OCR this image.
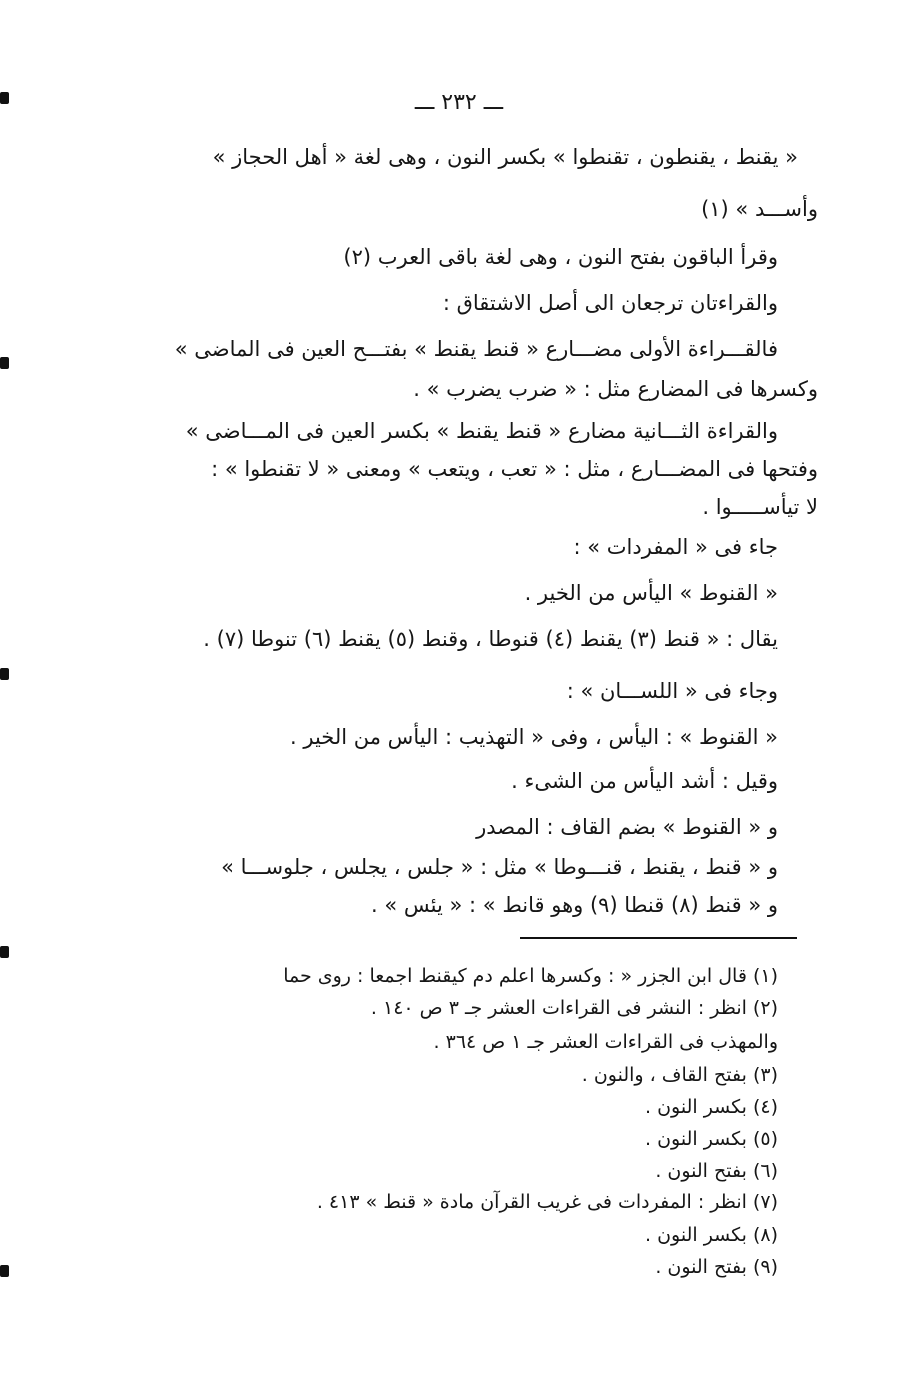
ـــ ٢٣٢ ـــ
« يقنط ، يقنطون ، تقنطوا » بكسر النون ، وهى لغة « أهل الحجاز »
وأســـد » (١)
وقرأ الباقون بفتح النون ، وهى لغة باقى العرب (٢)
والقراءتان ترجعان الى أصل الاشتقاق :
فالقـــراءة الأولى مضـــارع « قنط يقنط » بفتـــح العين فى الماضى »
وكسرها فى المضارع مثل : « ضرب يضرب » .
والقراءة الثـــانية مضارع « قنط يقنط » بكسر العين فى المـــاضى »
وفتحها فى المضـــارع ، مثل : « تعب ، ويتعب » ومعنى « لا تقنطوا » :
لا تيأســـــوا .
جاء فى « المفردات » :
« القنوط » اليأس من الخير .
يقال : « قنط (٣) يقنط (٤) قنوطا ، وقنط (٥) يقنط (٦) تنوطا (٧) .
وجاء فى « اللســـان » :
« القنوط » : اليأس ، وفى « التهذيب : اليأس من الخير .
وقيل : أشد اليأس من الشىء .
و « القنوط » بضم القاف : المصدر
و « قنط ، يقنط ، قنـــوطا » مثل : « جلس ، يجلس ، جلوســـا »
و « قنط (٨) قنطا (٩) وهو قانط » : « يئس » .
(١) قال ابن الجزر « : وكسرها اعلم دم كيقنط اجمعا : روى حما
(٢) انظر : النشر فى القراءات العشر جـ ٣ ص ١٤٠ .
والمهذب فى القراءات العشر جـ ١ ص ٣٦٤ .
(٣) بفتح القاف ، والنون .
(٤) بكسر النون .
(٥) بكسر النون .
(٦) بفتح النون .
(٧) انظر : المفردات فى غريب القرآن مادة « قنط » ٤١٣ .
(٨) بكسر النون .
(٩) بفتح النون .
